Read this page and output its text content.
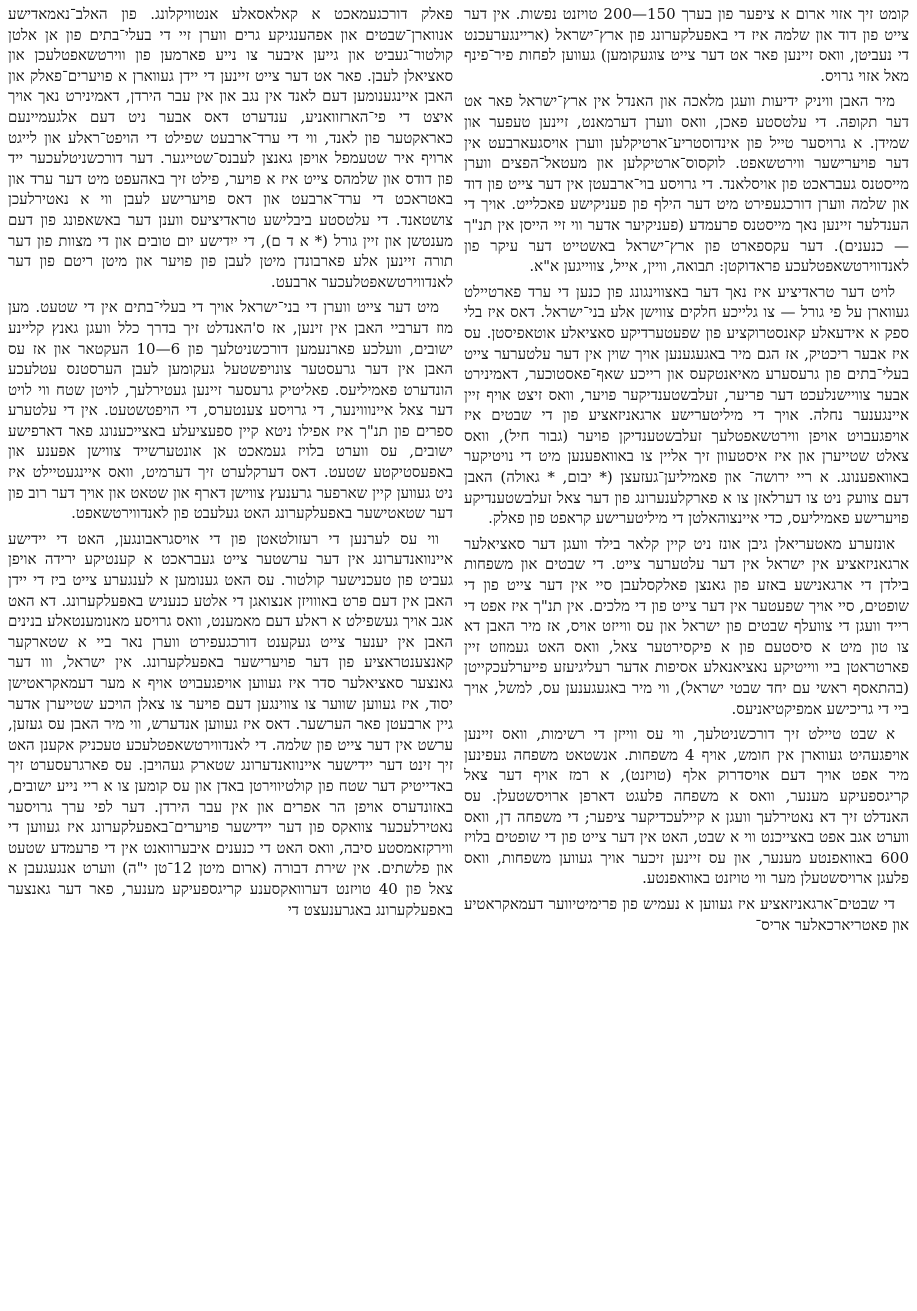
פאלק דורכגעמאכט א קאלאסאלע אנטוויקלונג. פון האלב־נאמאדישע אנווארן־שבטים און אפהענגיקע גרים ווערן זיי די בעלי־בתים פון אן אלטן קולטור־געביט און גייען איבער צו נייע פארמען פון ווירטשאפטלעכן און סאציאלן לעבן. פאר אט דער צייט זיינען די יידן געווארן א פויערים־פאלק און האבן איינגענומען דעם לאנד אין נגב און אין עבר הירדן, דאמינירט נאך אויך איצט די פי־הארזוואניע, ענדערט דאס אבער ניט דעם אלגעמיינעם כאראקטער פון לאנד, ווי די ערד־ארבעט שפילט די הויפט־ראלע און לייגט ארויף איר שטעמפל אויפן גאנצן לעבנס־שטייגער. דער דורכשניטלעכער ייד פון דודס און שלמהס צייט איז א פויער, פילט זיך באהעפט מיט דער ערד און באטראכט די ערד־ארבעט און דאס פויערישע לעבן ווי א נאטירלעכן צושטאנד. די עלטסטע ביבלישע טראדיציעס ווענן דער באשאפונג פון דעם מענטשן און זיין גורל (* א ד ם), די ייִדישע יום טובים און די מצוות פון דער תורה זיינען אלע פארבונדן מיטן לעבן פון פויער און מיטן ריטם פון דער לאנדווירטשאפטלעכער ארבעט.

מיט דער צייט ווערן די בני־ישראל אויך די בעלי־בתים אין די שטעט. מען מוז דערביי האבן אין זינען, אז ס'האנדלט זיך בדרך כלל וועגן גאנץ קליינע ישובים, וועלכע פארנעמען דורכשניטלעך פון 6—10 העקטאר און אז עס האבן אין דער גרעסטער צונויפשטעל געקומען לעבן הערסטנס עטלעכע הונדערט פאמיליעס. פאליטיק גרעסער זיינען געטירלעך, לויטן שטח ווי לויט דער צאל איינוווינער, די גרויסע צענטערס, די הויפטשטעט. אין די עלטערע ספרים פון תנ"ך איז אפילו ניטא קיין ספעציעלע באצייכענונג פאר דארפישע ישובים, עס ווערט בלויז געמאכט אן אונטערשייד צווישן אפענע און באפעסטיקטע שטעט. דאס דערקלערט זיך דערמיט, וואס איינגעטיילט איז ניט געווען קיין שארפער גרענעץ צווישן דארף און שטאט און אויך דער רוב פון דער שטאטישער באפעלקערונג האט געלעבט פון לאנדווירטשאפט.

ווי עס לערנען די רעזולטאטן פון די אויסגראבונגען, האט די יידישע איינוואנדערונג אין דער ערשטער צייט געבראכט א קענטיקע ירידה אויפן געביט פון טעכנישער קולטור. עס האט גענומען א לענגערע צייט ביז די יידן האבן אין דעם פרט באווויזן אנצואגן די אלטע כנעניש באפעלקערונג. דא האט אגב אויך געשפילט א ראלע דעם מאמענט, וואס גרויסע מאנומענטאלע בנינים האבן אין יענער צייט געקענט דורכגעפירט ווערן נאר ביי א שטארקער קאנצענטראציע פון דער פויערישער באפעלקערונג. אין ישראל, ווו דער גאנצער סאציאלער סדר איז געווען אויפגעבויט אויף א מער דעמאקראטישן יסוד, איז געווען שווער צו צווינגען דעם פויער צו צאלן הויכע שטייערן אדער גיין ארבעטן פאר הערשער. דאס איז געווען אנדערש, ווי מיר האבן עס געזען, ערשט אין דער צייט פון שלמה. די לאנדווירטשאפטלעכע טעכניק אקענן האט זיך זינט דער יידישער איינוואנדערונג שטארק געהויבן. עס פארגרעסערט זיך באדייטיק דער שטח פון קולטיווירטן באדן און עס קומען צו א ריי נייע ישובים, באזונדערס אויפן הר אפרים און אין עבר הירדן. דער לפי ערך גרויסער נאטירלעכער צוואקס פון דער יידישער פויערים־באפעלקערונג איז געווען די ווירקזאמסטע סיבה, וואס האט די כנענים איבערוואנט אין די פרעמדע שטעט און פלשתים. אין שירת דבורה (ארום מיטן 12־טן י"ה) ווערט אנגעגעבן א צאל פון 40 טויזנט דערוואקסענע קריגספעיקע מענער, פאר דער גאנצער באפעלקערונג באגרענעצט די

קומט זיך אזוי ארום א ציפער פון בערך 150—200 טויזנט נפשות. אין דער צייט פון דוד און שלמה איז די באפעלקערונג פון ארץ־ישראל (אריינגערעכנט די נעביטן, וואס זיינען פאר אט דער צייט צוגעקומען) געווען לפחות פיר־פינף מאל אזוי גרויס.

מיר האבן וויניק ידיעות וועגן מלאכה און האנדל אין ארץ־ישראל פאר אט דער תקופה. די עלטסטע פאכן, וואס ווערן דערמאנט, זיינען טעפער און שמידן. א גרויסער טייל פון אינדוסטריע־ארטיקלען ווערן אויסגעארבעט אין דער פויערישער ווירטשאפט. לוקסוס־ארטיקלען און מעטאל־הפצים ווערן מייסטנס געבראכט פון אויסלאנד. די גרויסע בוי־ארבעטן אין דער צייט פון דוד און שלמה ווערן דורכגעפירט מיט דער הילף פון פעניקישע פאכלייט. אויך די הענדלער זיינען נאך מייסטנס פרעמדע (פעניקיער אדער ווי זיי הייסן אין תנ"ך — כנענים). דער עקספארט פון ארץ־ישראל באשטייט דער עיקר פון לאנדווירטשאפטלעכע פראדוקטן: תבואה, וויין, אייל, צווייגען א"א.

לויט דער טראדיציע איז נאך דער באצווינגונג פון כנען די ערד פארטיילט געווארן על פי גורל — צו גלייכע חלקים צווישן אלע בני־ישראל. דאס איז בלי ספק א אידעאלע קאנסטרוקציע פון שפעטערדיקע סאציאלע אוטאפיסטן. עס איז אבער ריכטיק, אז הגם מיר באגעגענען אויך שוין אין דער עלטערער צייט בעלי־בתים פון גרעסערע מאיאנטקעס און רייכע שאף־פאסטוכער, דאמינירט אבער צוויישנלעכט דער פריער, זעלבשטענדיקער פויער, וואס זיצט אויף זיין איינגענער נחלה. אויך די מיליטערישע ארגאניזאציע פון די שבטים איז אויפגעבויט אויפן ווירטשאפטלעך זעלבשטענדיקן פויער (גבור חיל), וואס צאלט שטייערן און איז איסטעוון זיך אליין צו באוואפענען מיט די נויטיקער באוואפענונג. א ריי ירושה־ און פאמיליען־געזעצן (* יבום, * גאולה) האבן דעם צוועק ניט צו דערלאזן צו א פארקלענערונג פון דער צאל זעלבשטענדיקע פויערישע פאמיליעס, כדי איינצוהאלטן די מיליטערישע קראפט פון פאלק.

אונזערע מאטעריאלן גיבן אונז ניט קיין קלאר בילד וועגן דער סאציאלער ארגאניזאציע אין ישראל אין דער עלטערער צייט. די שבטים און משפחות בילדן די ארגאנישע באזע פון גאנצן פאלקסלעבן סיי אין דער צייט פון די שופטים, סיי אויך שפעטער אין דער צייט פון די מלכים. אין תנ"ך איז אפט די רייד וועגן די צוועלף שבטים פון ישראל און עס ווייזט אויס, אז מיר האבן דא צו טון מיט א סיסטעם פון א פיקסירטער צאל, וואס האט געמוזט זיין פארטראטן ביי ווייטיקע נאציאנאלע אסיפות אדער רעליגיעזע פייערלעכקייטן (בהתאסף ראשי עם יחד שבטי ישראל), ווי מיר באגעגענען עס, למשל, אויך ביי די גריכישע אמפיקטיאניעס.

א שבט טיילט זיך דורכשניטלעך, ווי עס ווייזן די רשימות, וואס זיינען אויפגעהיט געווארן אין חומש, אויף 4 משפחות. אנשטאט משפחה געפינען מיר אפט אויך דעם אויסדרוק אלף (טויזנט), א רמז אויף דער צאל קריגספעיקע מענער, וואס א משפחה פלעגט דארפן ארויסשטעלן. עס האנדלט זיך דא נאטירלעך וועגן א קיילעכדיקער ציפער; די משפחה דן, וואס ווערט אגב אפט באצייכנט ווי א שבט, האט אין דער צייט פון די שופטים בלויז 600 באוואפנטע מענער, און עס זיינען זיכער אויך געווען משפחות, וואס פלעגן ארויסשטעלן מער ווי טויזנט באוואפנטע.

די שבטים־ארגאניזאציע איז געווען א נעמיש פון פרימיטיווער דעמאקראטיע און פאטריארכאלער אריס־
